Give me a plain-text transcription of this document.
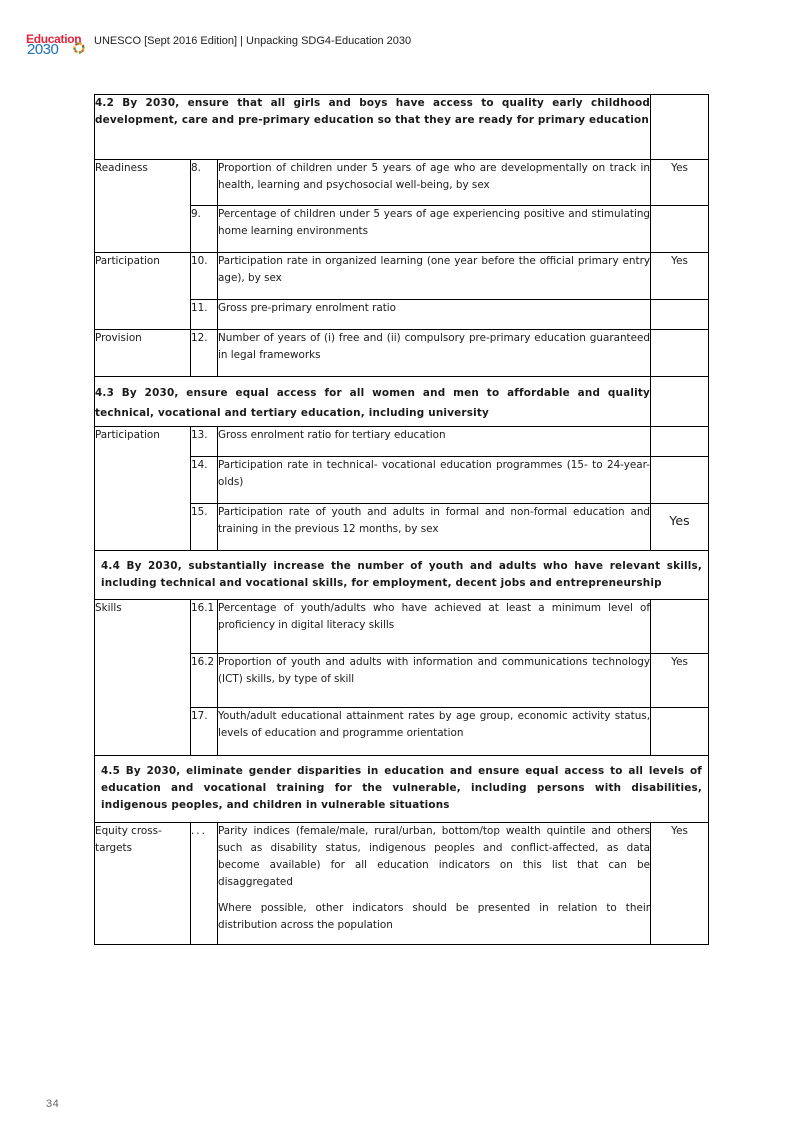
Education
2030	UNESCO [Sept 2016 Edition] | Unpacking SDG4-Education 2030
4.2 By 2030, ensure that all girls and boys have access to quality early childhood development, care and pre-primary education so that they are ready for primary education			
Readiness	8.	Proportion of children under 5 years of age who are developmentally on track in health, learning and psychosocial well-being, by sex	Yes
	9.	Percentage of children under 5 years of age experiencing positive and stimulating home learning environments	
Participation	10.	Participation rate in organized learning (one year before the official primary entry age), by sex	Yes
	11.	Gross pre-primary enrolment ratio	
Provision	12.	Number of years of (i) free and (ii) compulsory pre-primary education guaranteed in legal frameworks	
4.3 By 2030, ensure equal access for all women and men to affordable and quality technical, vocational and tertiary education, including university			
Participation	13.	Gross enrolment ratio for tertiary education	
	14.	Participation rate in technical- vocational education programmes (15- to 24-year- olds)	
	15.	Participation rate of youth and adults in formal and non-formal education and training in the previous 12 months, by sex	Yes
4.4 By 2030, substantially increase the number of youth and adults who have relevant skills, including technical and vocational skills, for employment, decent jobs and entrepreneurship			
Skills	16.1	Percentage of youth/adults who have achieved at least a minimum level of proficiency in digital literacy skills	
	16.2	Proportion of youth and adults with information and communications technology (ICT) skills, by type of skill	Yes
	17.	Youth/adult educational attainment rates by age group, economic activity status, levels of education and programme orientation	
4.5 By 2030, eliminate gender disparities in education and ensure equal access to all levels of education and vocational training for the vulnerable, including persons with disabilities, indigenous peoples, and children in vulnerable situations			
Equity cross-targets	...	Parity indices (female/male, rural/urban, bottom/top wealth quintile and others such as disability status, indigenous peoples and conflict-affected, as data become available) for all education indicators on this list that can be disaggregated

Where possible, other indicators should be presented in relation to their distribution across the population	Yes
34
